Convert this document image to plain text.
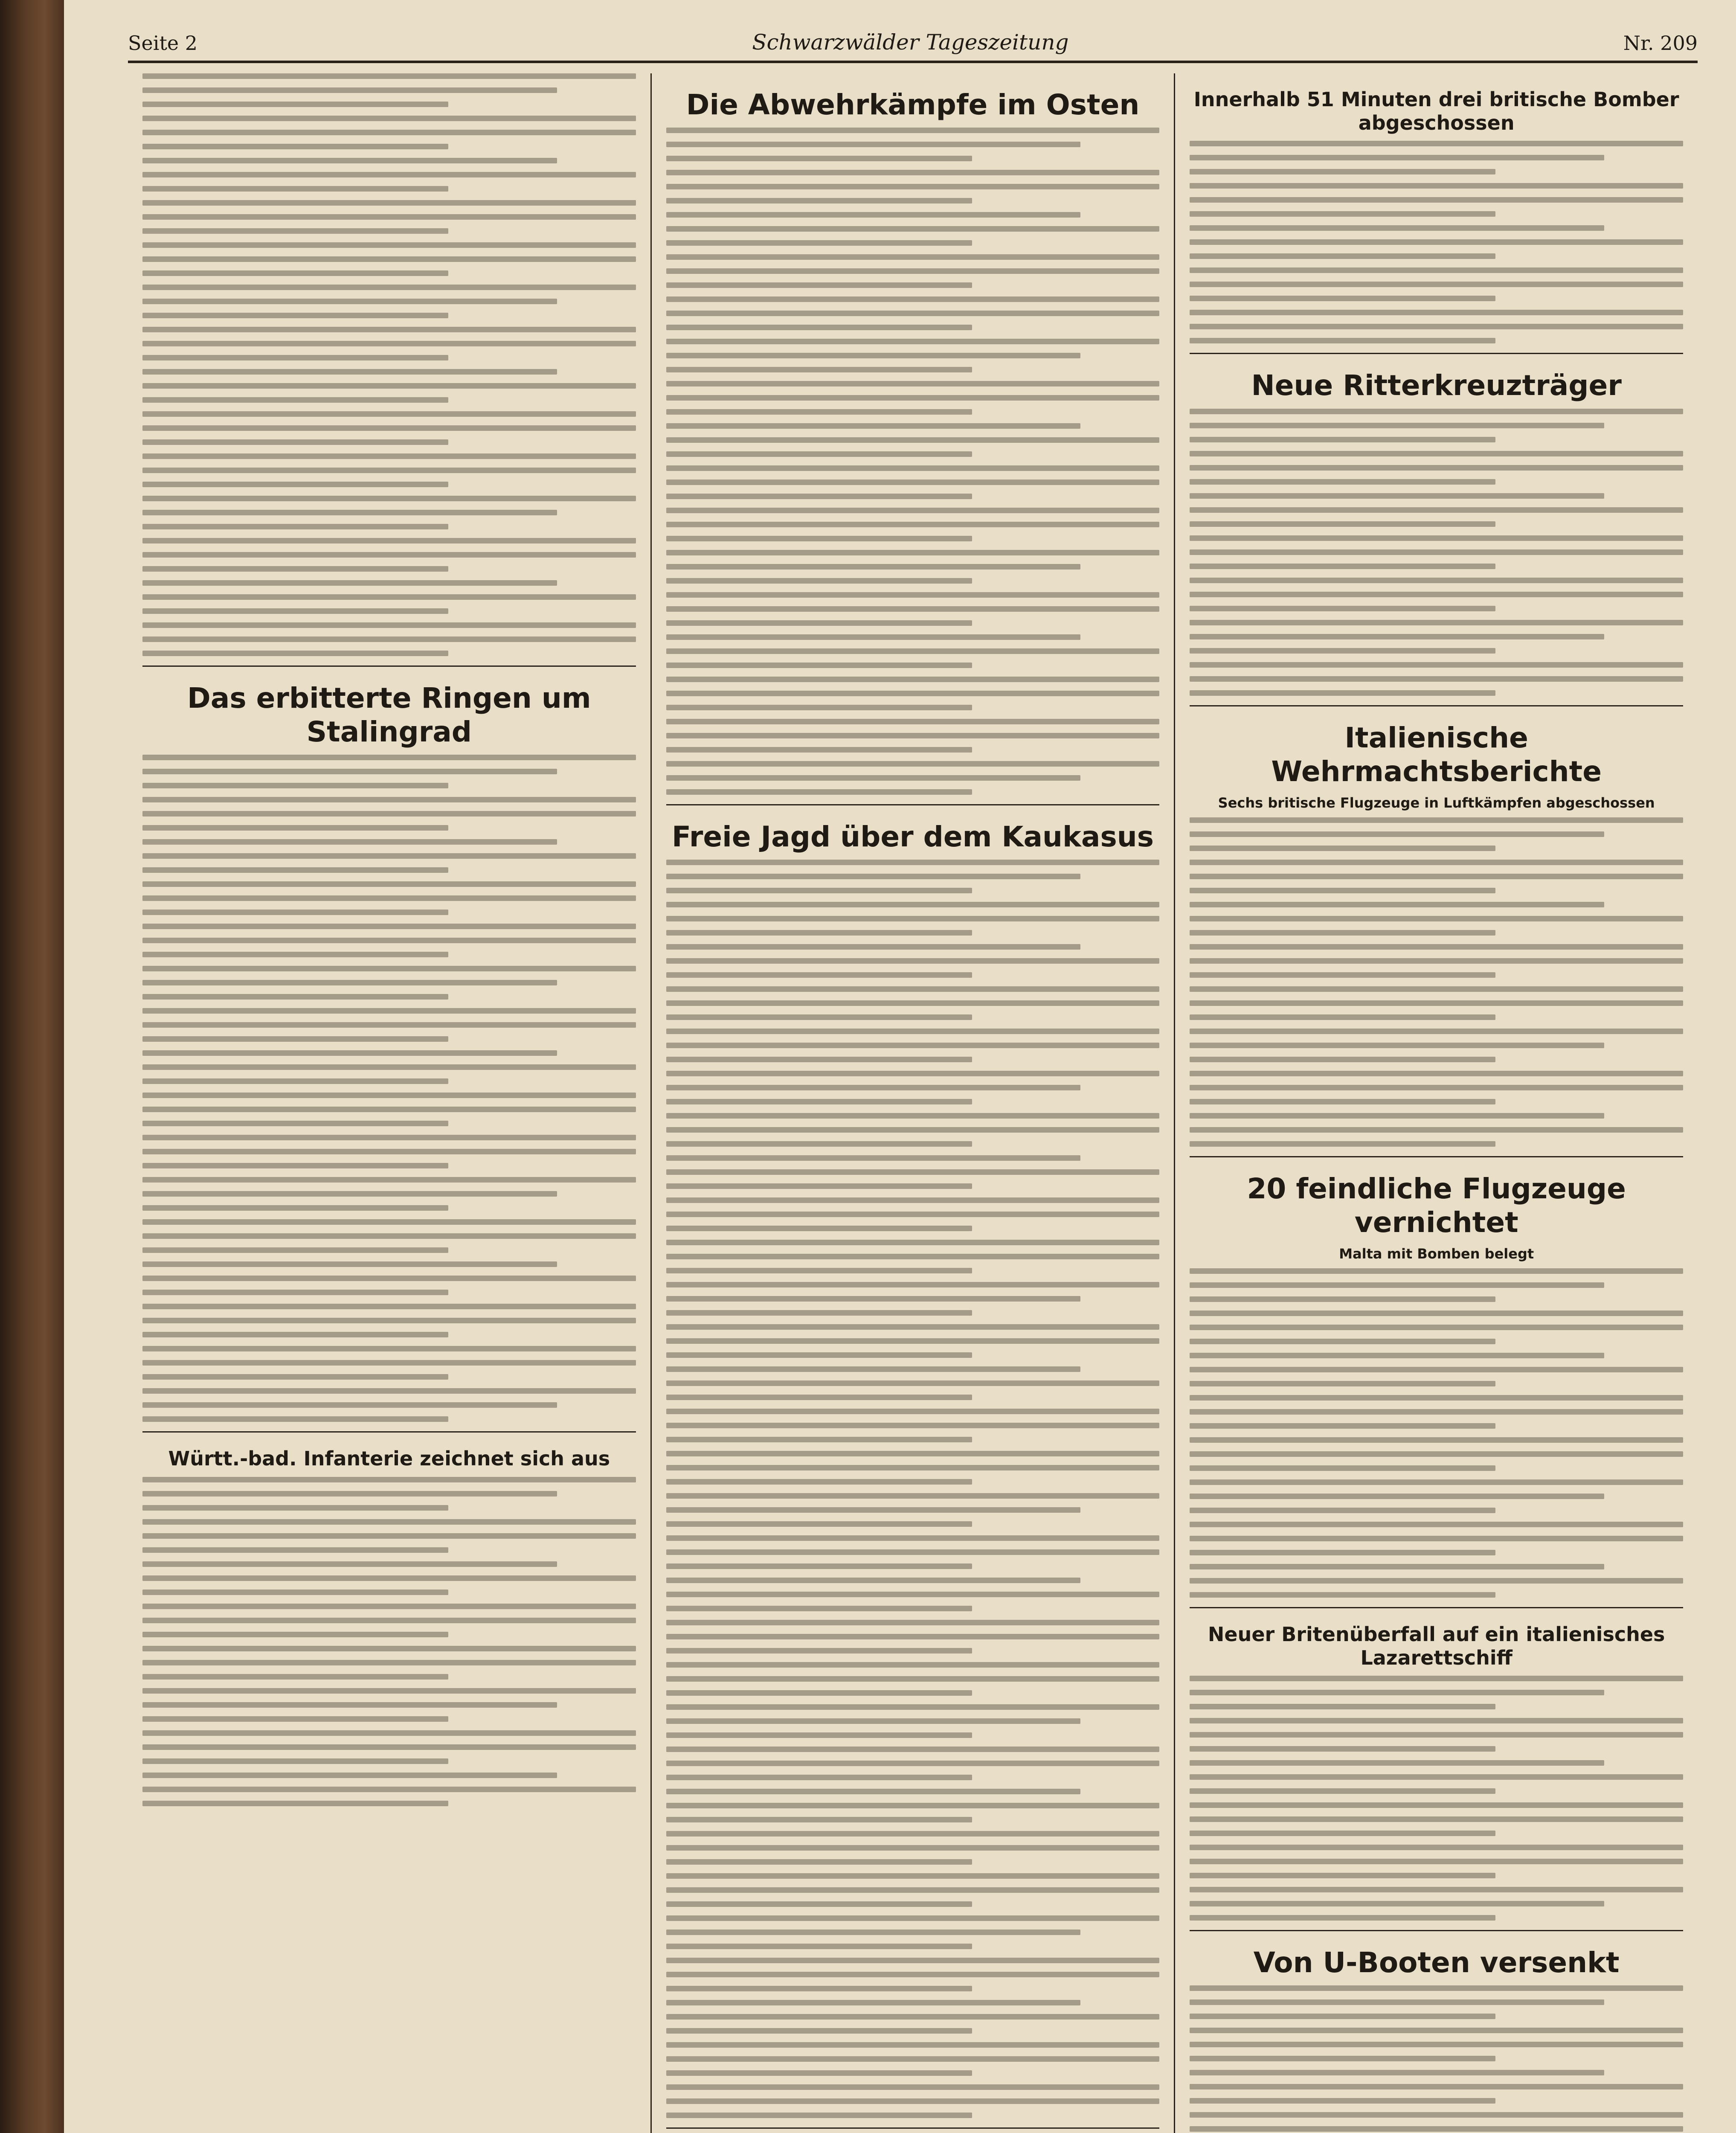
Seite 2	Schwarzwälder Tageszeitung	Nr. 209
Das erbitterte Ringen um Stalingrad
Württ.-bad. Infanterie zeichnet sich aus
Die Abwehrkämpfe im Osten
Freie Jagd über dem Kaukasus
Innerhalb 51 Minuten drei britische Bomber abgeschossen
Neue Ritterkreuzträger
Italienische Wehrmachtsberichte
Sechs britische Flugzeuge in Luftkämpfen abgeschossen
20 feindliche Flugzeuge vernichtet
Malta mit Bomben belegt
Neuer Britenüberfall auf ein italienisches Lazarettschiff
Von U-Booten versenkt
